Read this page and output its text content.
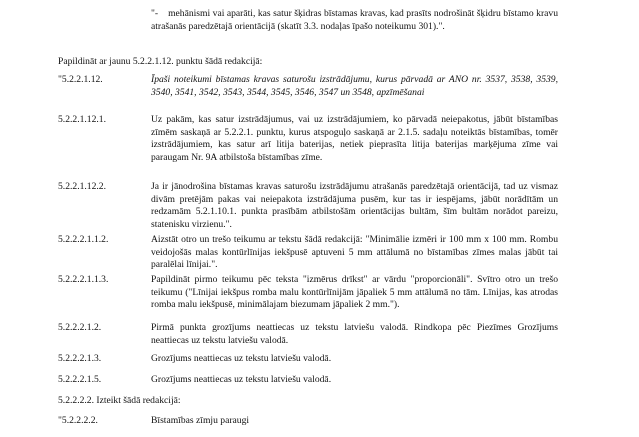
"-    mehānismi vai aparāti, kas satur šķidras bīstamas kravas, kad prasīts nodrošināt šķidru bīstamo kravu atrašanās paredzētajā orientācijā (skatīt 3.3. nodaļas īpašo noteikumu 301).".

Papildināt ar jaunu 5.2.2.1.12. punktu šādā redakcijā:

"5.2.2.1.12.	Īpaši noteikumi bīstamas kravas saturošu izstrādājumu, kurus pārvadā ar ANO nr. 3537, 3538, 3539, 3540, 3541, 3542, 3543, 3544, 3545, 3546, 3547 un 3548, apzīmēšanai

5.2.2.1.12.1.	Uz pakām, kas satur izstrādājumus, vai uz izstrādājumiem, ko pārvadā neiepakotus, jābūt bīstamības zīmēm saskaņā ar 5.2.2.1. punktu, kurus atspoguļo saskaņā ar 2.1.5. sadaļu noteiktās bīstamības, tomēr izstrādājumiem, kas satur arī litija baterijas, netiek pieprasīta litija baterijas marķējuma zīme vai paraugam Nr. 9A atbilstoša bīstamības zīme.

5.2.2.1.12.2.	Ja ir jānodrošina bīstamas kravas saturošu izstrādājumu atrašanās paredzētajā orientācijā, tad uz vismaz divām pretējām pakas vai neiepakota izstrādājuma pusēm, kur tas ir iespējams, jābūt norādītām un redzamām 5.2.1.10.1. punkta prasībām atbilstošām orientācijas bultām, šīm bultām norādot pareizu, statenisku virzienu.".

5.2.2.2.1.1.2.	Aizstāt otro un trešo teikumu ar tekstu šādā redakcijā: "Minimālie izmēri ir 100 mm x 100 mm. Rombu veidojošās malas kontūrlīnijas iekšpusē aptuveni 5 mm attālumā no bīstamības zīmes malas jābūt tai paralēlai līnijai.".

5.2.2.2.1.1.3.	Papildināt pirmo teikumu pēc teksta "izmērus drīkst" ar vārdu "proporcionāli". Svītro otro un trešo teikumu ("Līnijai iekšpus romba malu kontūrlīnijām jāpaliek 5 mm attālumā no tām. Līnijas, kas atrodas romba malu iekšpusē, minimālajam biezumam jāpaliek 2 mm.").

5.2.2.2.1.2.	Pirmā punkta grozījums neattiecas uz tekstu latviešu valodā. Rindkopa pēc Piezīmes Grozījums neattiecas uz tekstu latviešu valodā.

5.2.2.2.1.3.	Grozījums neattiecas uz tekstu latviešu valodā.

5.2.2.2.1.5.	Grozījums neattiecas uz tekstu latviešu valodā.

5.2.2.2.2. Izteikt šādā redakcijā:

"5.2.2.2.2.	Bīstamības zīmju paraugi
